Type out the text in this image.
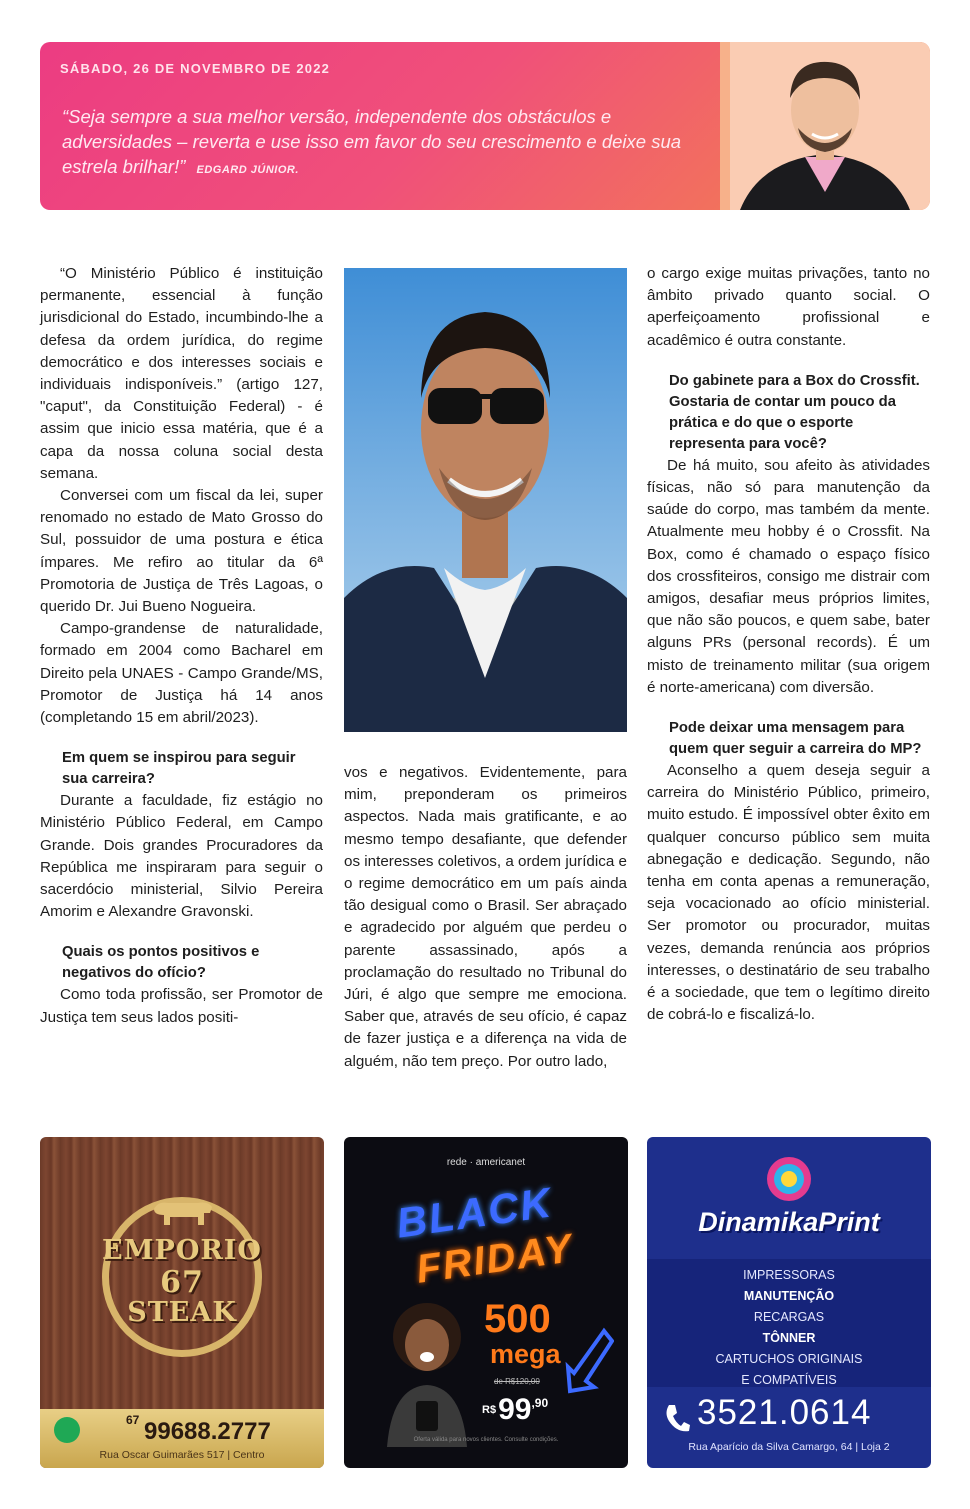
SÁBADO, 26 DE NOVEMBRO DE 2022
“Seja sempre a sua melhor versão, independente dos obstáculos e adversidades – reverta e use isso em favor do seu crescimento e deixe sua estrela brilhar!” EDGARD JÚNIOR.

“O Ministério Público é instituição permanente, essencial à função jurisdicional do Estado, incumbindo-lhe a defesa da ordem jurídica, do regime democrático e dos interesses sociais e individuais indisponíveis.” (artigo 127, "caput", da Constituição Federal) - é assim que inicio essa matéria, que é a capa da nossa coluna social desta semana.

Conversei com um fiscal da lei, super renomado no estado de Mato Grosso do Sul, possuidor de uma postura e ética ímpares. Me refiro ao titular da 6ª Promotoria de Justiça de Três Lagoas, o querido Dr. Jui Bueno Nogueira.

Campo-grandense de naturalidade, formado em 2004 como Bacharel em Direito pela UNAES - Campo Grande/MS, Promotor de Justiça há 14 anos (completando 15 em abril/2023).

Em quem se inspirou para seguir sua carreira?

Durante a faculdade, fiz estágio no Ministério Público Federal, em Campo Grande. Dois grandes Procuradores da República me inspiraram para seguir o sacerdócio ministerial, Silvio Pereira Amorim e Alexandre Gravonski.

Quais os pontos positivos e negativos do ofício?

Como toda profissão, ser Promotor de Justiça tem seus lados positi-

vos e negativos. Evidentemente, para mim, preponderam os primeiros aspectos. Nada mais gratificante, e ao mesmo tempo desafiante, que defender os interesses coletivos, a ordem jurídica e o regime democrático em um país ainda tão desigual como o Brasil. Ser abraçado e agradecido por alguém que perdeu o parente assassinado, após a proclamação do resultado no Tribunal do Júri, é algo que sempre me emociona. Saber que, através de seu ofício, é capaz de fazer justiça e a diferença na vida de alguém, não tem preço. Por outro lado,

o cargo exige muitas privações, tanto no âmbito privado quanto social. O aperfeiçoamento profissional e acadêmico é outra constante.

Do gabinete para a Box do Crossfit. Gostaria de contar um pouco da prática e do que o esporte representa para você?

De há muito, sou afeito às atividades físicas, não só para manutenção da saúde do corpo, mas também da mente. Atualmente meu hobby é o Crossfit. Na Box, como é chamado o espaço físico dos crossfiteiros, consigo me distrair com amigos, desafiar meus próprios limites, que não são poucos, e quem sabe, bater alguns PRs (personal records). É um misto de treinamento militar (sua origem é norte-americana) com diversão.

Pode deixar uma mensagem para quem quer seguir a carreira do MP?

Aconselho a quem deseja seguir a carreira do Ministério Público, primeiro, muito estudo. É impossível obter êxito em qualquer concurso público sem muita abnegação e dedicação. Segundo, não tenha em conta apenas a remuneração, seja vocacionado ao ofício ministerial. Ser promotor ou procurador, muitas vezes, demanda renúncia aos próprios interesses, o destinatário de seu trabalho é a sociedade, que tem o legítimo direito de cobrá-lo e fiscalizá-lo.

EMPORIO
67
STEAK
67 99688.2777
Rua Oscar Guimarães 517 | Centro
rede · americanet
BLACK
FRIDAY
500
mega
de R$120,00
$^{R\$}99^{,90}$
Oferta válida para novos clientes. Consulte condições.
DinamikaPrint
IMPRESSORAS
MANUTENÇÃO
RECARGAS
TÔNNER
CARTUCHOS ORIGINAIS
E COMPATÍVEIS
3521.0614
Rua Aparício da Silva Camargo, 64 | Loja 2
